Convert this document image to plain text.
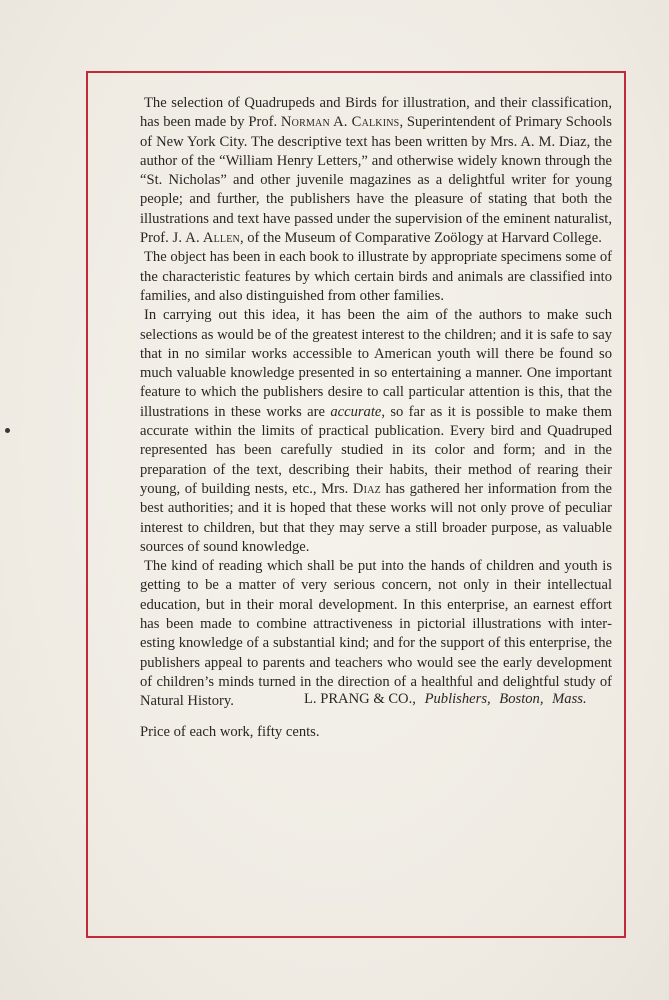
The selection of Quadrupeds and Birds for illustration, and their classification, has been made by Prof. Norman A. Calkins, Superintendent of Primary Schools of New York City. The descriptive text has been written by Mrs. A. M. Diaz, the author of the “William Henry Letters,” and otherwise widely known through the “St. Nicholas” and other juvenile magazines as a delightful writer for young people; and further, the publishers have the pleasure of stating that both the illustrations and text have passed under the supervision of the eminent naturalist, Prof. J. A. Allen, of the Museum of Comparative Zoölogy at Harvard College.

The object has been in each book to illustrate by appropriate specimens some of the characteristic features by which certain birds and animals are classified into families, and also distinguished from other families.

In carrying out this idea, it has been the aim of the authors to make such selections as would be of the greatest interest to the children; and it is safe to say that in no similar works accessible to American youth will there be found so much valuable knowledge presented in so entertaining a manner. One important feature to which the publishers desire to call particular attention is this, that the illustrations in these works are accurate, so far as it is possible to make them accurate within the limits of practical publication. Every bird and Quadruped represented has been carefully studied in its color and form; and in the preparation of the text, describing their habits, their method of rearing their young, of building nests, etc., Mrs. Diaz has gathered her information from the best authorities; and it is hoped that these works will not only prove of peculiar interest to children, but that they may serve a still broader purpose, as valuable sources of sound knowledge.

The kind of reading which shall be put into the hands of children and youth is getting to be a matter of very serious concern, not only in their intellectual education, but in their moral development. In this enterprise, an earnest effort has been made to combine attractiveness in pictorial illustrations with interesting knowledge of a substantial kind; and for the support of this enterprise, the publishers appeal to parents and teachers who would see the early development of children’s minds turned in the direction of a healthful and delightful study of Natural History.

Price of each work, fifty cents.

L. PRANG & CO., Publishers, Boston, Mass.
